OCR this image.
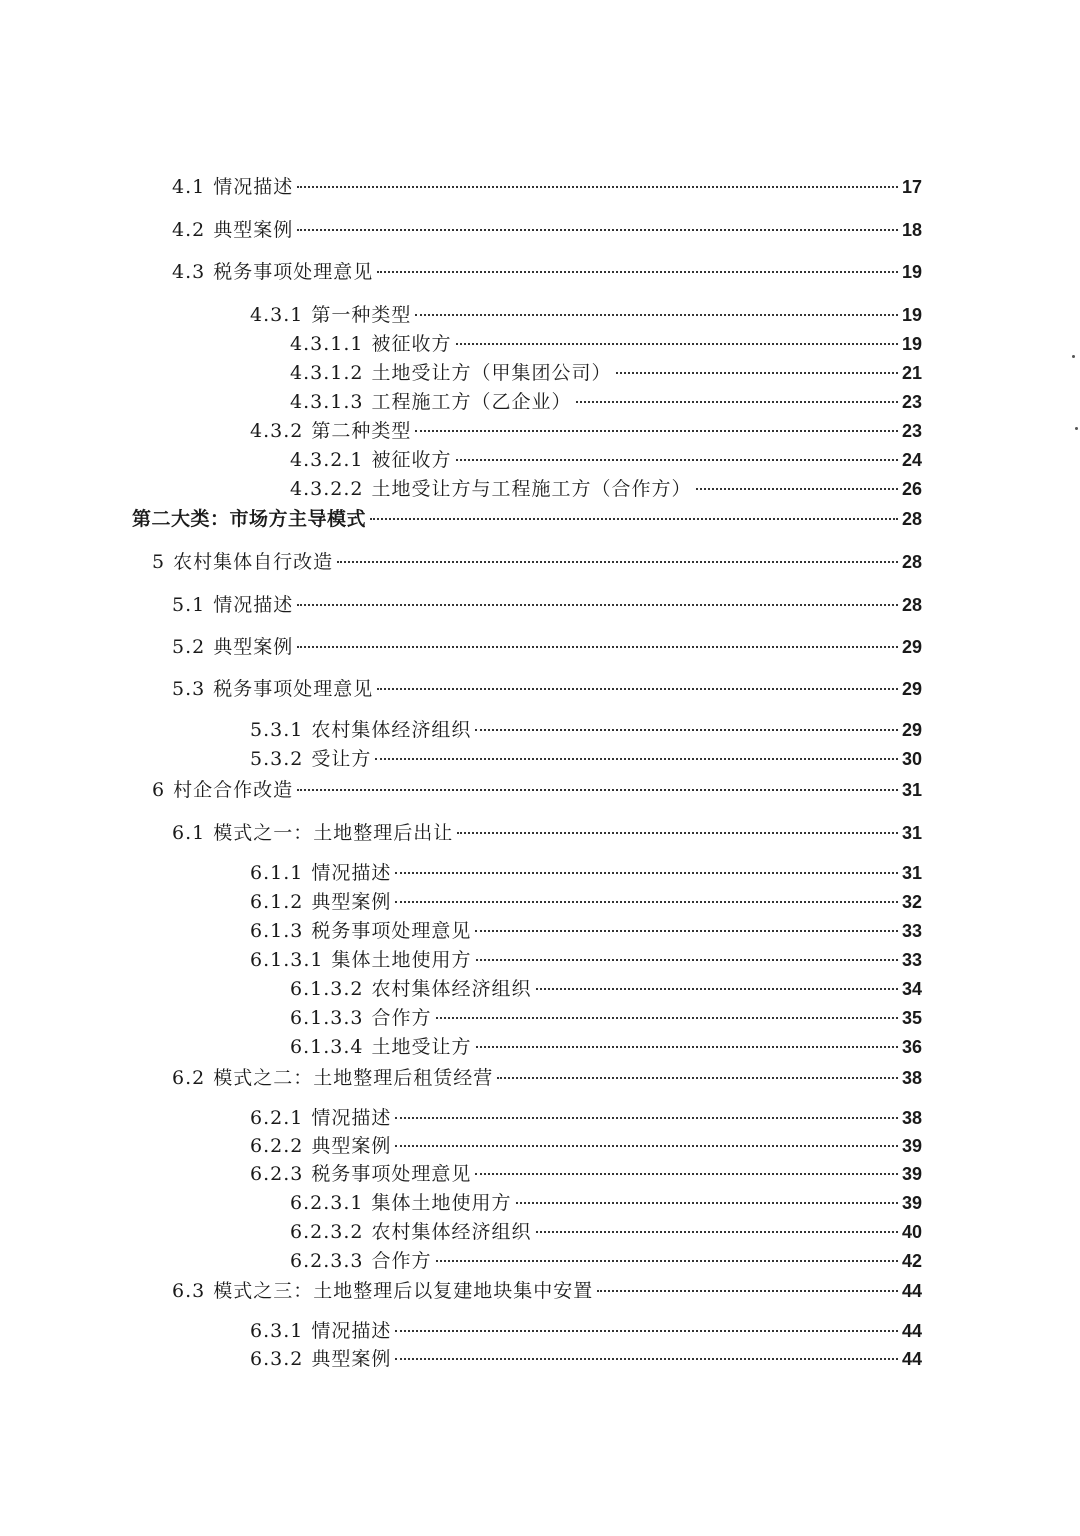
4.1 情况描述	17
4.2 典型案例	18
4.3 税务事项处理意见	19
4.3.1 第一种类型	19
4.3.1.1 被征收方	19
4.3.1.2 土地受让方（甲集团公司）	21
4.3.1.3 工程施工方（乙企业）	23
4.3.2 第二种类型	23
4.3.2.1 被征收方	24
4.3.2.2 土地受让方与工程施工方（合作方）	26
第二大类：市场方主导模式	28
5 农村集体自行改造	28
5.1 情况描述	28
5.2 典型案例	29
5.3 税务事项处理意见	29
5.3.1 农村集体经济组织	29
5.3.2 受让方	30
6 村企合作改造	31
6.1 模式之一：土地整理后出让	31
6.1.1 情况描述	31
6.1.2 典型案例	32
6.1.3 税务事项处理意见	33
6.1.3.1 集体土地使用方	33
6.1.3.2 农村集体经济组织	34
6.1.3.3 合作方	35
6.1.3.4 土地受让方	36
6.2 模式之二：土地整理后租赁经营	38
6.2.1 情况描述	38
6.2.2 典型案例	39
6.2.3 税务事项处理意见	39
6.2.3.1 集体土地使用方	39
6.2.3.2 农村集体经济组织	40
6.2.3.3 合作方	42
6.3 模式之三：土地整理后以复建地块集中安置	44
6.3.1 情况描述	44
6.3.2 典型案例	44
